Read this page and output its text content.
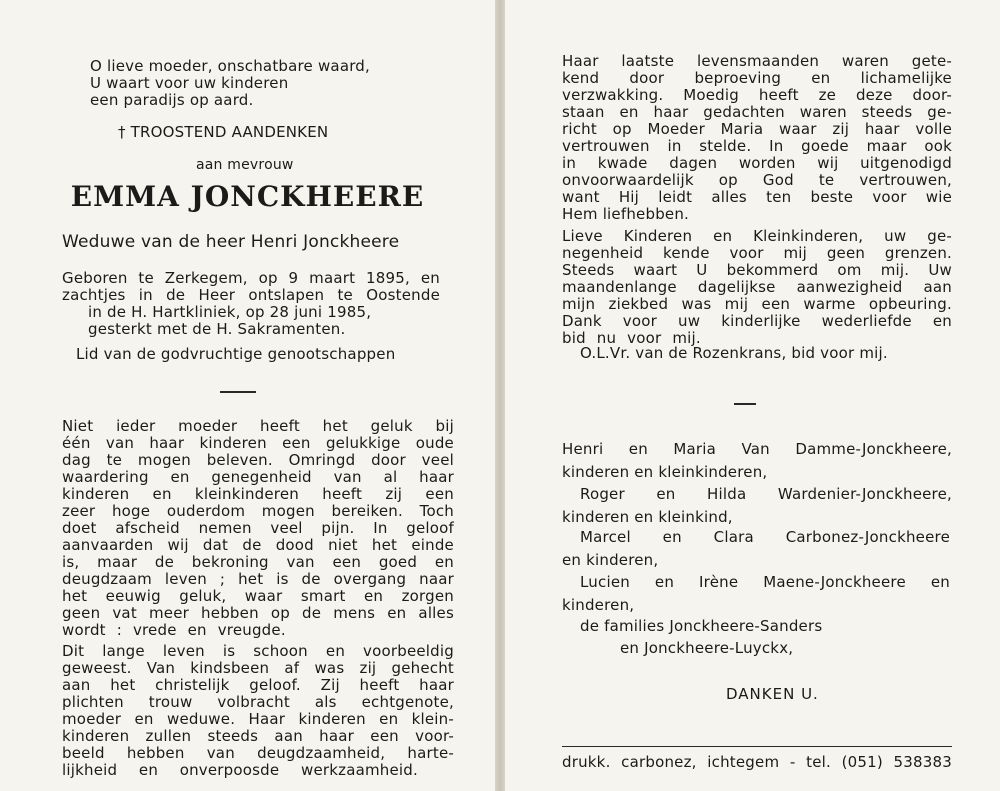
O lieve moeder, onschatbare waard,
U waart voor uw kinderen
een paradijs op aard.
† TROOSTEND AANDENKEN
aan mevrouw
EMMA JONCKHEERE
Weduwe van de heer Henri Jonckheere
Geboren te Zerkegem, op 9 maart 1895, en
zachtjes in de Heer ontslapen te Oostende
in de H. Hartkliniek, op 28 juni 1985,
gesterkt met de H. Sakramenten.
Lid van de godvruchtige genootschappen
Niet ieder moeder heeft het geluk bij
één van haar kinderen een gelukkige oude
dag te mogen beleven. Omringd door veel
waardering en genegenheid van al haar
kinderen en kleinkinderen heeft zij een
zeer hoge ouderdom mogen bereiken. Toch
doet afscheid nemen veel pijn. In geloof
aanvaarden wij dat de dood niet het einde
is, maar de bekroning van een goed en
deugdzaam leven ; het is de overgang naar
het eeuwig geluk, waar smart en zorgen
geen vat meer hebben op de mens en alles
wordt : vrede en vreugde.
Dit lange leven is schoon en voorbeeldig
geweest. Van kindsbeen af was zij gehecht
aan het christelijk geloof. Zij heeft haar
plichten trouw volbracht als echtgenote,
moeder en weduwe. Haar kinderen en klein-
kinderen zullen steeds aan haar een voor-
beeld hebben van deugdzaamheid, harte-
lijkheid en onverpoosde werkzaamheid.
Haar laatste levensmaanden waren gete-
kend door beproeving en lichamelijke
verzwakking. Moedig heeft ze deze door-
staan en haar gedachten waren steeds ge-
richt op Moeder Maria waar zij haar volle
vertrouwen in stelde. In goede maar ook
in kwade dagen worden wij uitgenodigd
onvoorwaardelijk op God te vertrouwen,
want Hij leidt alles ten beste voor wie
Hem liefhebben.
Lieve Kinderen en Kleinkinderen, uw ge-
negenheid kende voor mij geen grenzen.
Steeds waart U bekommerd om mij. Uw
maandenlange dagelijkse aanwezigheid aan
mijn ziekbed was mij een warme opbeuring.
Dank voor uw kinderlijke wederliefde en
bid nu voor mij.
O.L.Vr. van de Rozenkrans, bid voor mij.
Henri en Maria Van Damme-Jonckheere,
kinderen en kleinkinderen,
Roger en Hilda Wardenier-Jonckheere,
kinderen en kleinkind,
Marcel en Clara Carbonez-Jonckheere
en kinderen,
Lucien en Irène Maene-Jonckheere en
kinderen,
de families Jonckheere-Sanders
en Jonckheere-Luyckx,
DANKEN U.
drukk. carbonez, ichtegem - tel. (051) 538383
